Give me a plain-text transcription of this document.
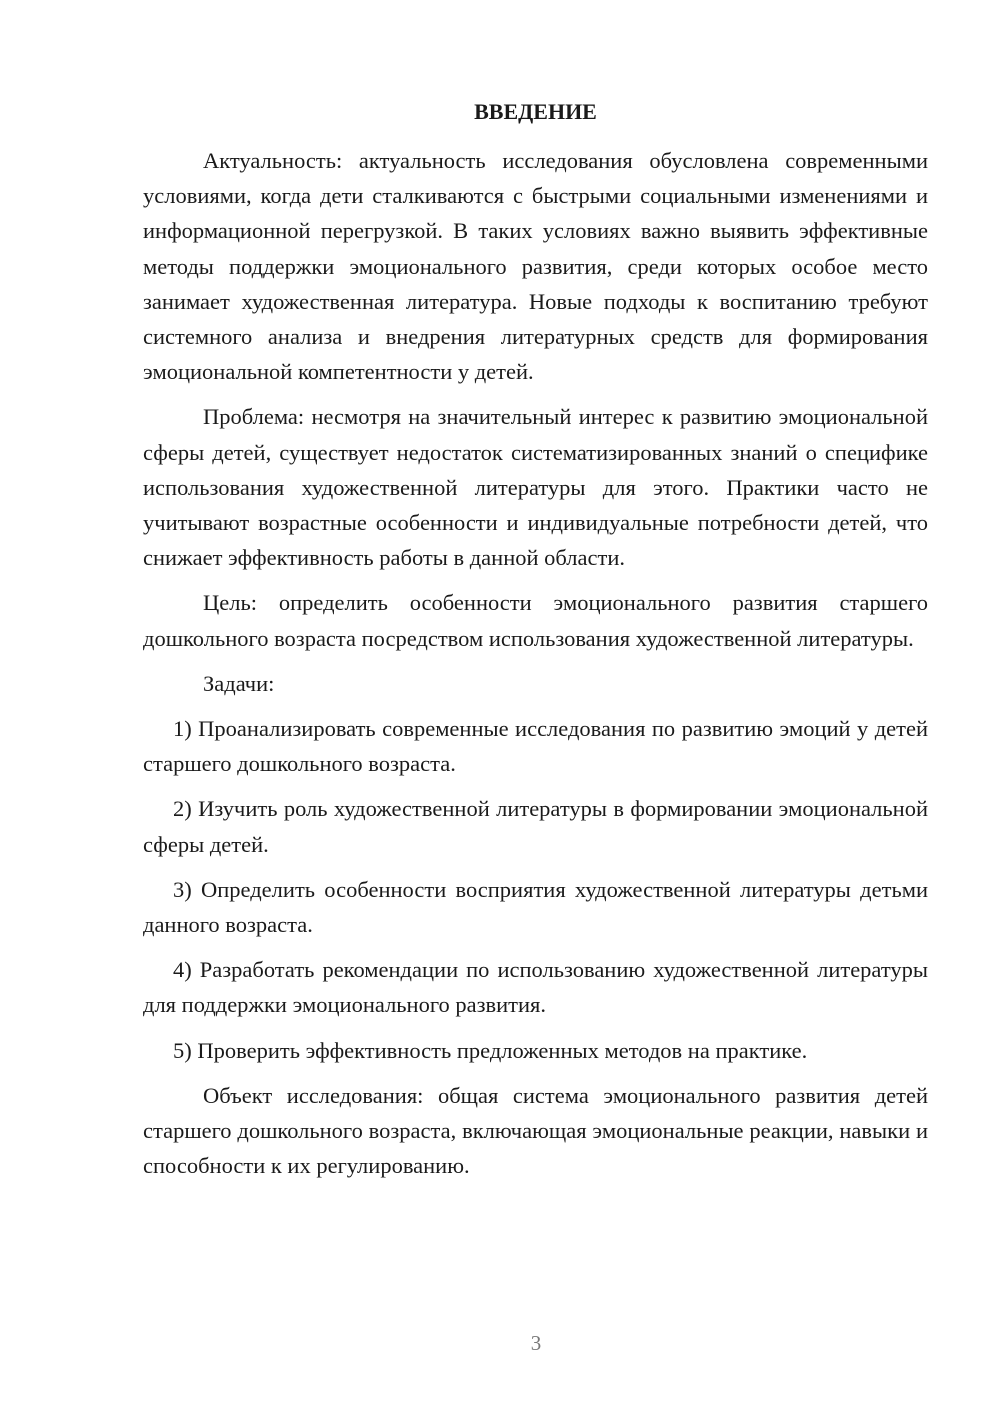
ВВЕДЕНИЕ

Актуальность: актуальность исследования обусловлена современными условиями, когда дети сталкиваются с быстрыми социальными изменениями и информационной перегрузкой. В таких условиях важно выявить эффективные методы поддержки эмоционального развития, среди которых особое место занимает художественная литература. Новые подходы к воспитанию требуют системного анализа и внедрения литературных средств для формирования эмоциональной компетентности у детей.

Проблема: несмотря на значительный интерес к развитию эмоциональной сферы детей, существует недостаток систематизированных знаний о специфике использования художественной литературы для этого. Практики часто не учитывают возрастные особенности и индивидуальные потребности детей, что снижает эффективность работы в данной области.

Цель: определить особенности эмоционального развития старшего дошкольного возраста посредством использования художественной литературы.

Задачи:

1) Проанализировать современные исследования по развитию эмоций у детей старшего дошкольного возраста.

2) Изучить роль художественной литературы в формировании эмоциональной сферы детей.

3) Определить особенности восприятия художественной литературы детьми данного возраста.

4) Разработать рекомендации по использованию художественной литературы для поддержки эмоционального развития.

5) Проверить эффективность предложенных методов на практике.

Объект исследования: общая система эмоционального развития детей старшего дошкольного возраста, включающая эмоциональные реакции, навыки и способности к их регулированию.

3
